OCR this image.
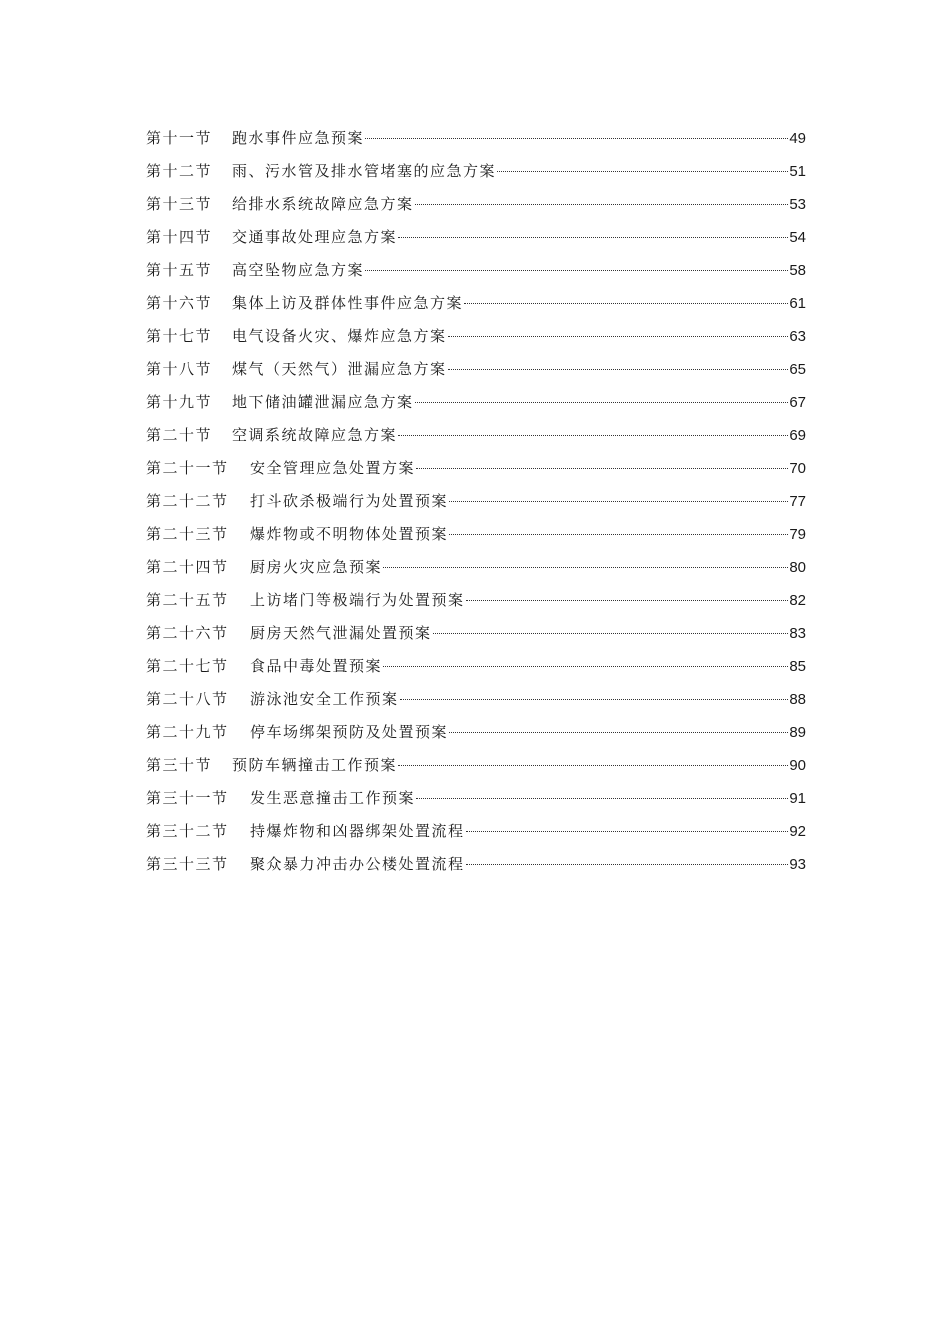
第十一节	跑水事件应急预案	49
第十二节	雨、污水管及排水管堵塞的应急方案	51
第十三节	给排水系统故障应急方案	53
第十四节	交通事故处理应急方案	54
第十五节	高空坠物应急方案	58
第十六节	集体上访及群体性事件应急方案	61
第十七节	电气设备火灾、爆炸应急方案	63
第十八节	煤气（天然气）泄漏应急方案	65
第十九节	地下储油罐泄漏应急方案	67
第二十节	空调系统故障应急方案	69
第二十一节	安全管理应急处置方案	70
第二十二节	打斗砍杀极端行为处置预案	77
第二十三节	爆炸物或不明物体处置预案	79
第二十四节	厨房火灾应急预案	80
第二十五节	上访堵门等极端行为处置预案	82
第二十六节	厨房天然气泄漏处置预案	83
第二十七节	食品中毒处置预案	85
第二十八节	游泳池安全工作预案	88
第二十九节	停车场绑架预防及处置预案	89
第三十节	预防车辆撞击工作预案	90
第三十一节	发生恶意撞击工作预案	91
第三十二节	持爆炸物和凶器绑架处置流程	92
第三十三节	聚众暴力冲击办公楼处置流程	93
